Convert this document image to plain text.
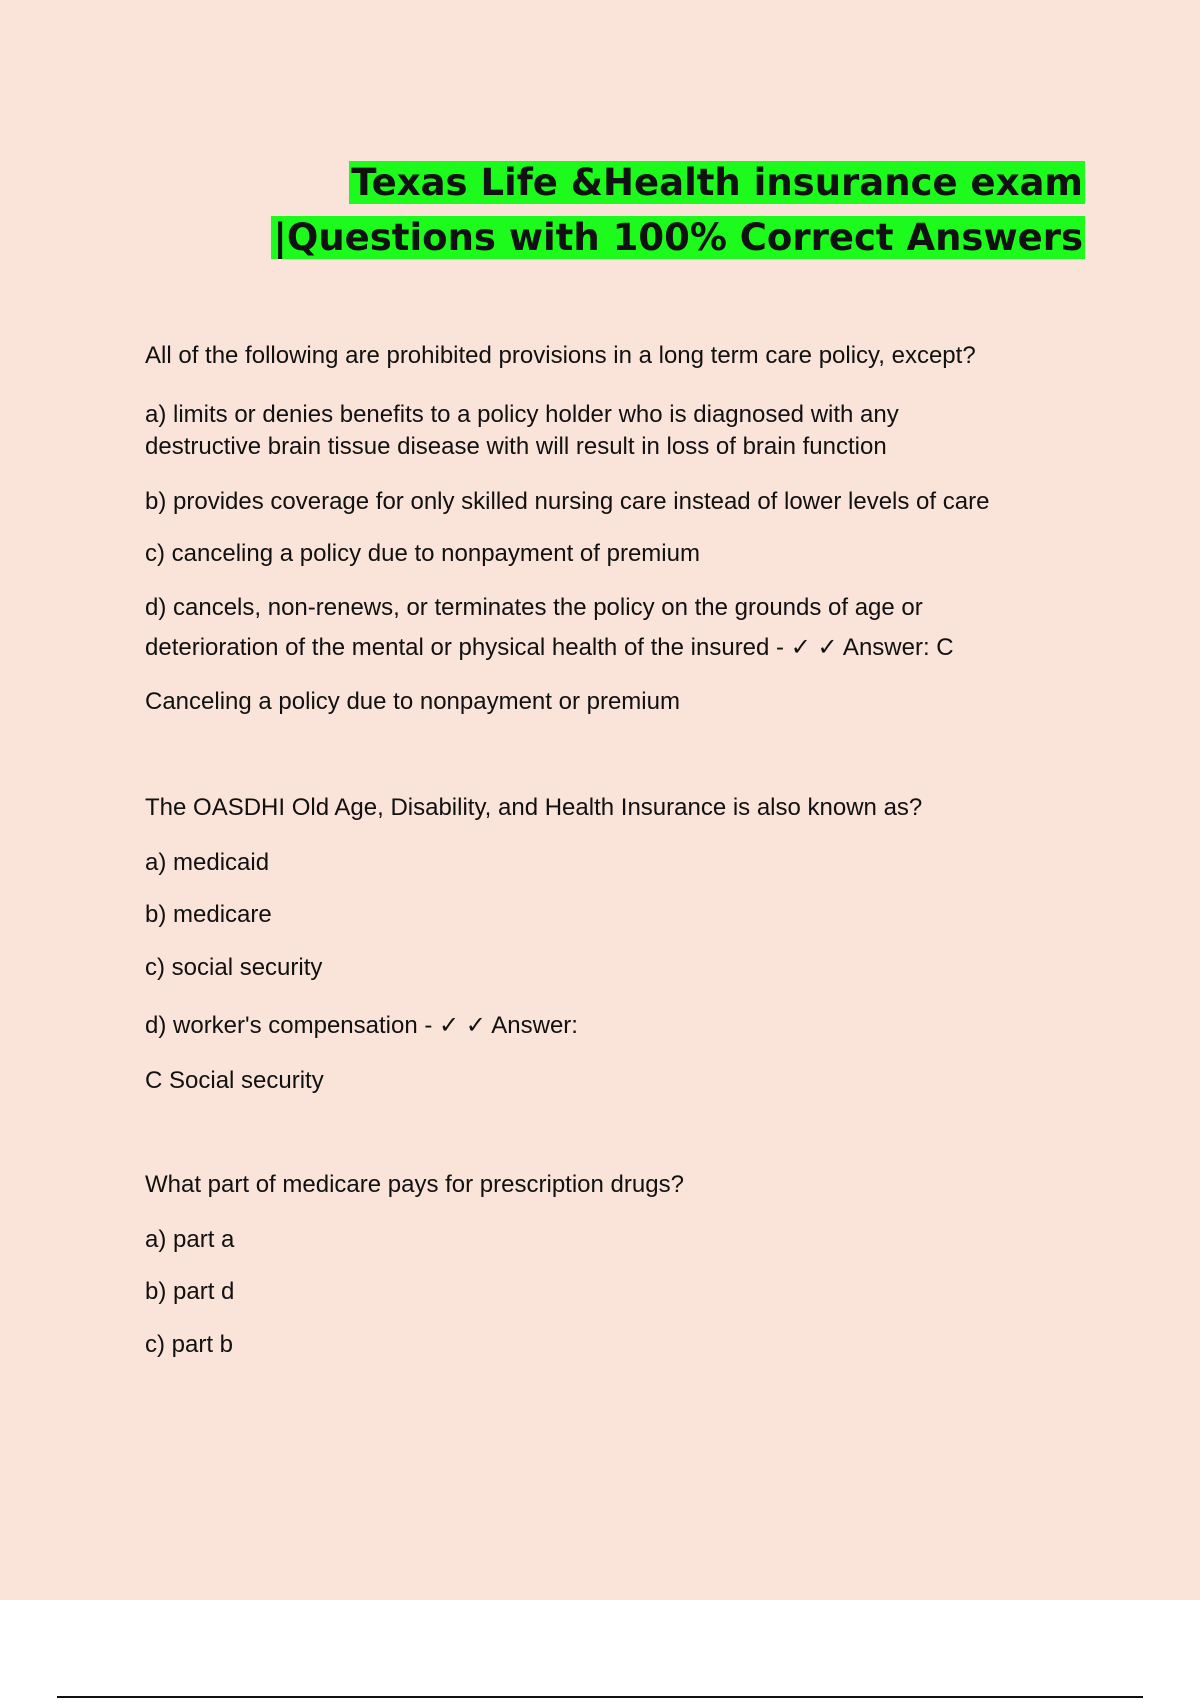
Texas Life &Health insurance exam
|Questions with 100% Correct Answers
All of the following are prohibited provisions in a long term care policy, except?
a) limits or denies benefits to a policy holder who is diagnosed with any
destructive brain tissue disease with will result in loss of brain function
b) provides coverage for only skilled nursing care instead of lower levels of care
c) canceling a policy due to nonpayment of premium
d) cancels, non-renews, or terminates the policy on the grounds of age or
deterioration of the mental or physical health of the insured - ✓ ✓ Answer: C
Canceling a policy due to nonpayment or premium
The OASDHI Old Age, Disability, and Health Insurance is also known as?
a) medicaid
b) medicare
c) social security
d) worker's compensation - ✓ ✓ Answer:
C Social security
What part of medicare pays for prescription drugs?
a) part a
b) part d
c) part b
